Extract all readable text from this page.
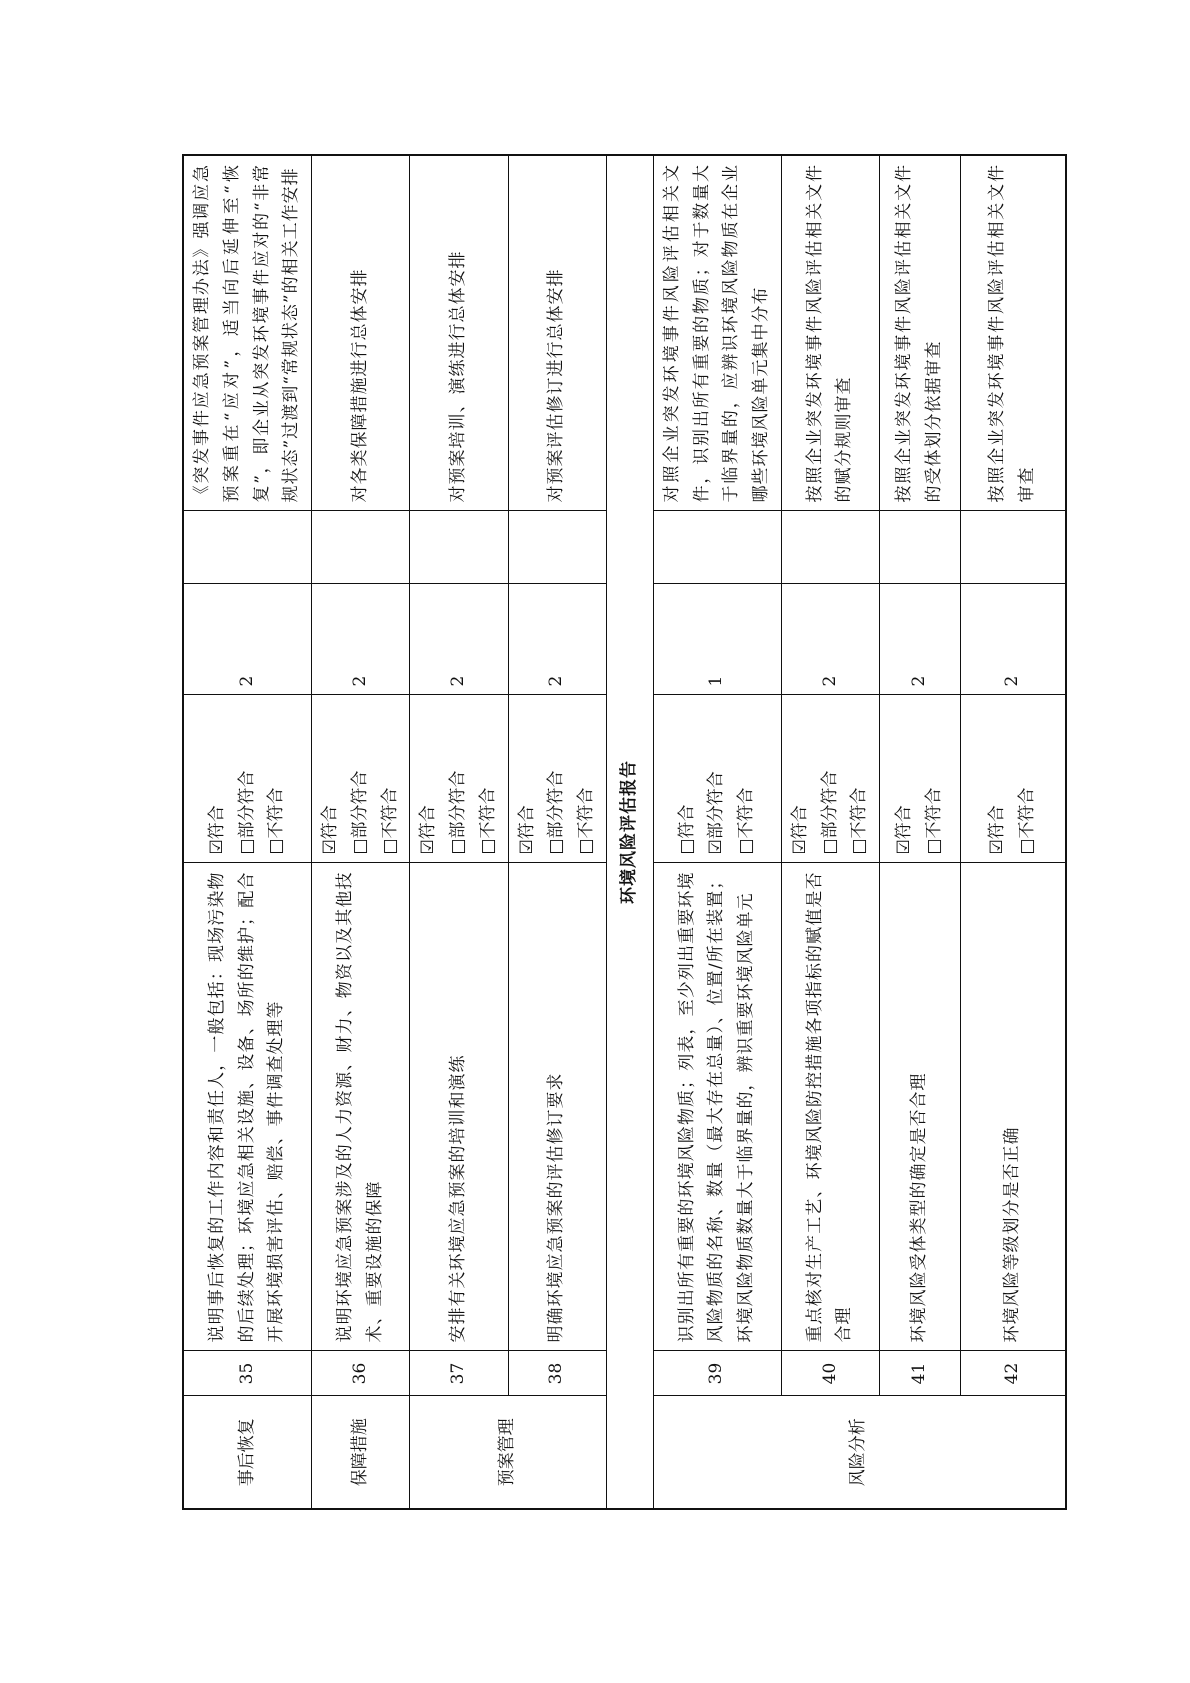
事后恢复	35	说明事后恢复的工作内容和责任人，一般包括：现场污染物的后续处理；环境应急相关设施、设备、场所的维护；配合开展环境损害评估、赔偿、事件调查处理等	☑符合 □部分符合 □不符合	2		《突发事件应急预案管理办法》强调应急预案重在“应对”，适当向后延伸至“恢复”，即企业从突发环境事件应对的“非常规状态”过渡到“常规状态”的相关工作安排
保障措施	36	说明环境应急预案涉及的人力资源、财力、物资以及其他技术、重要设施的保障	☑符合 □部分符合 □不符合	2		对各类保障措施进行总体安排
预案管理	37	安排有关环境应急预案的培训和演练	☑符合 □部分符合 □不符合	2		对预案培训、演练进行总体安排
	38	明确环境应急预案的评估修订要求	☑符合 □部分符合 □不符合	2		对预案评估修订进行总体安排
环境风险评估报告						
风险分析	39	识别出所有重要的环境风险物质；列表，至少列出重要环境风险物质的名称、数量（最大存在总量）、位置/所在装置；环境风险物质数量大于临界量的，辨识重要环境风险单元	□符合 ☑部分符合 □不符合	1		对照企业突发环境事件风险评估相关文件，识别出所有重要的物质；对于数量大于临界量的，应辨识环境风险物质在企业哪些环境风险单元集中分布
	40	重点核对生产工艺、环境风险防控措施各项指标的赋值是否合理	☑符合 □部分符合 □不符合	2		按照企业突发环境事件风险评估相关文件的赋分规则审查
	41	环境风险受体类型的确定是否合理	☑符合 □不符合	2		按照企业突发环境事件风险评估相关文件的受体划分依据审查
	42	环境风险等级划分是否正确	☑符合 □不符合	2		按照企业突发环境事件风险评估相关文件审查
